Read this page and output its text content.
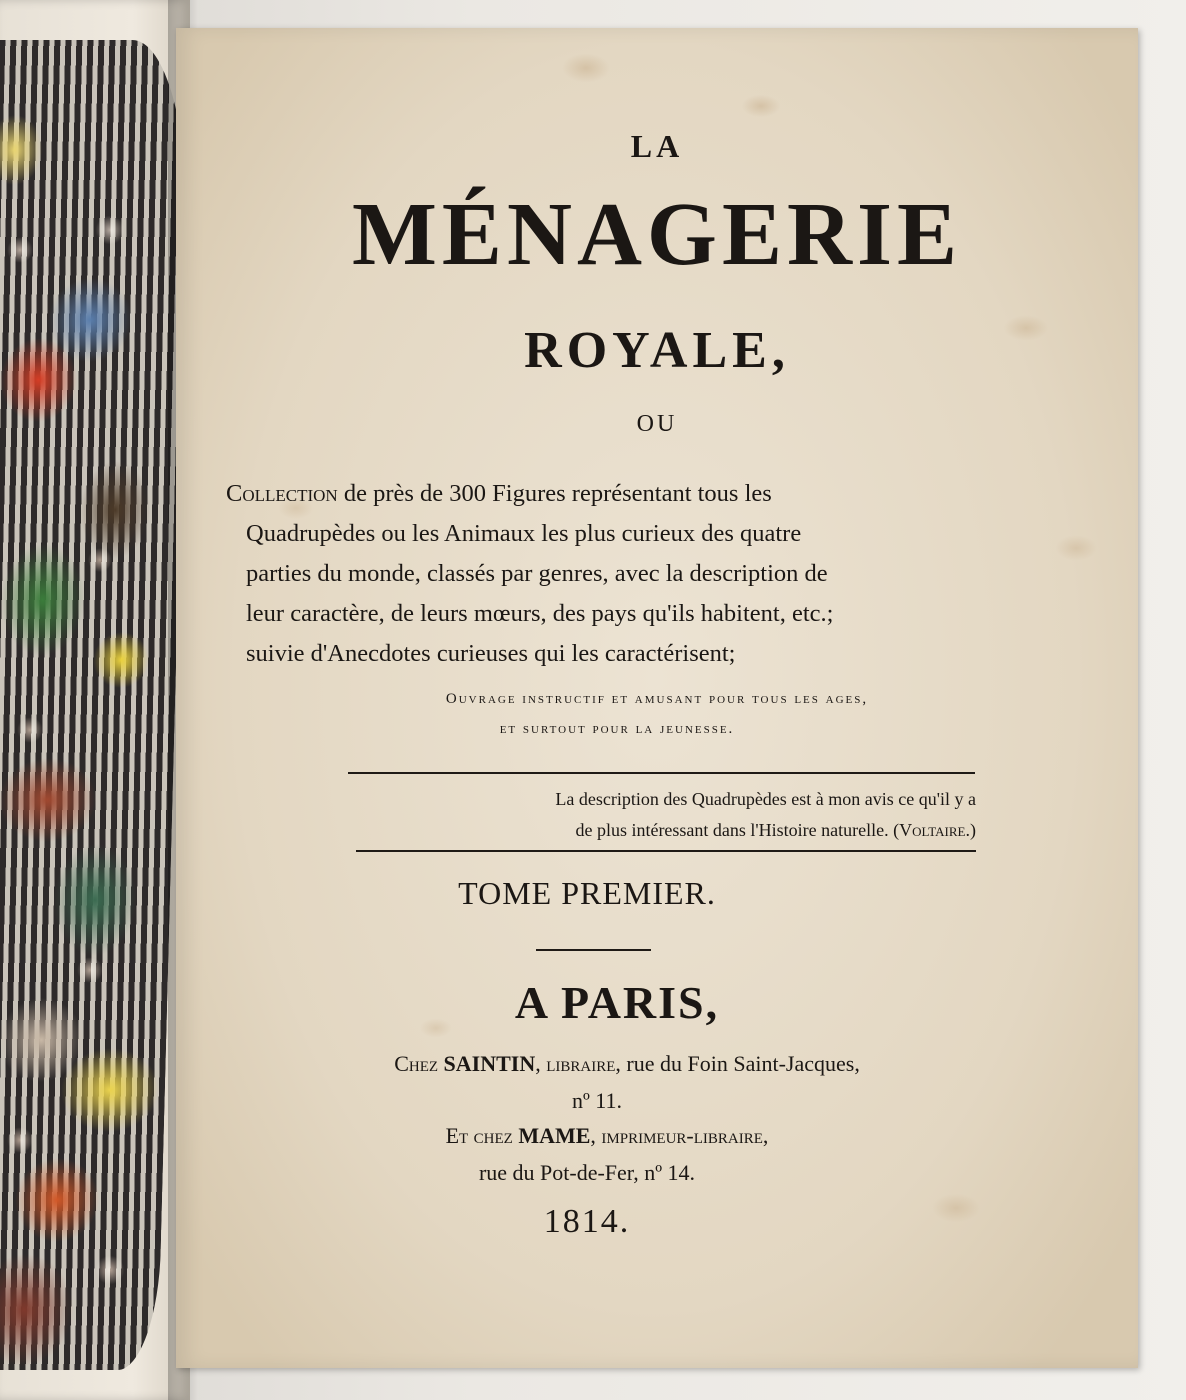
LA
MÉNAGERIE
ROYALE,
OU

Collection de près de 300 Figures représentant tous les
Quadrupèdes ou les Animaux les plus curieux des quatre
parties du monde, classés par genres, avec la description de
leur caractère, de leurs mœurs, des pays qu'ils habitent, etc.;
suivie d'Anecdotes curieuses qui les caractérisent;

Ouvrage instructif et amusant pour tous les ages,
et surtout pour la jeunesse.

La description des Quadrupèdes est à mon avis ce qu'il y a
de plus intéressant dans l'Histoire naturelle. (Voltaire.)

TOME PREMIER.
A PARIS,
Chez SAINTIN, libraire, rue du Foin Saint-Jacques,
nº 11.
Et chez MAME, imprimeur-libraire,
rue du Pot-de-Fer, nº 14.
1814.
